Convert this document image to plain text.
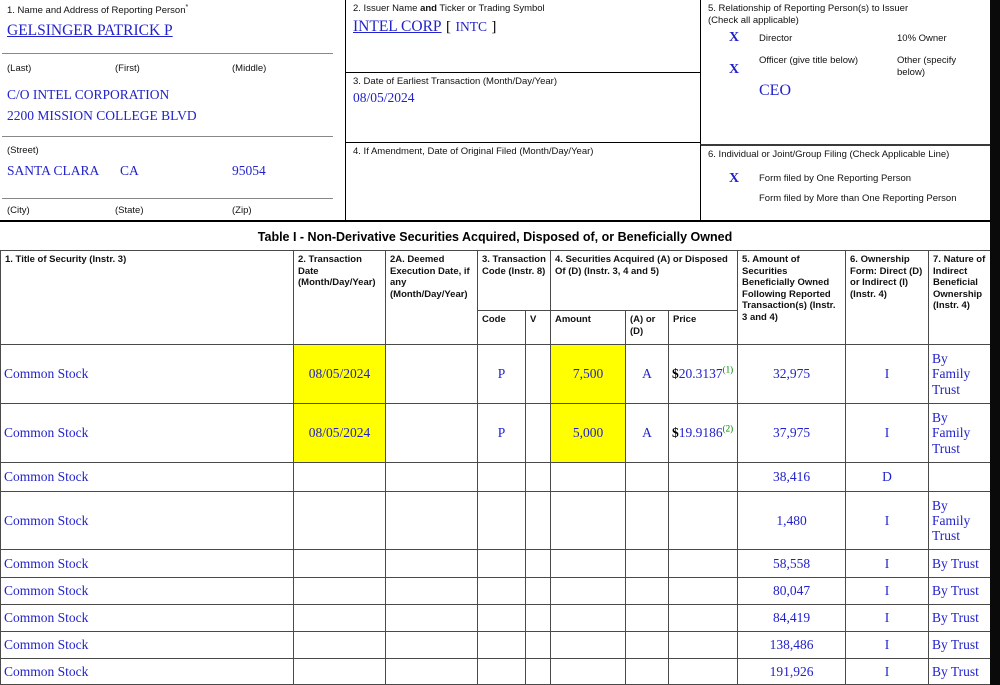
1. Name and Address of Reporting Person*
GELSINGER PATRICK P
(Last)	(First)	(Middle)
C/O INTEL CORPORATION
2200 MISSION COLLEGE BLVD
(Street)
SANTA CLARA CA	95054
(City)	(State)	(Zip)
2. Issuer Name and Ticker or Trading Symbol
INTEL CORP [ INTC ]
3. Date of Earliest Transaction (Month/Day/Year)
08/05/2024
4. If Amendment, Date of Original Filed (Month/Day/Year)
5. Relationship of Reporting Person(s) to Issuer
(Check all applicable)
X Director	10% Owner
X
Officer (give title below)	Other (specify below)
CEO
6. Individual or Joint/Group Filing (Check Applicable Line)
X Form filed by One Reporting Person
Form filed by More than One Reporting Person
Table I - Non-Derivative Securities Acquired, Disposed of, or Beneficially Owned
1. Title of Security (Instr. 3)	2. Transaction Date (Month/Day/Year)	2A. Deemed Execution Date, if any (Month/Day/Year)	3. Transaction Code (Instr. 8)		4. Securities Acquired (A) or Disposed Of (D) (Instr. 3, 4 and 5)			5. Amount of Securities Beneficially Owned Following Reported Transaction(s) (Instr. 3 and 4)	6. Ownership Form: Direct (D) or Indirect (I) (Instr. 4)	7. Nature of Indirect Beneficial Ownership (Instr. 4)
			Code	V	Amount	(A) or (D)	Price			
Common Stock	08/05/2024		P		7,500	A	$20.3137$^{(1)}$	32,975	I	By Family Trust
Common Stock	08/05/2024		P		5,000	A	$19.9186$^{(2)}$	37,975	I	By Family Trust
Common Stock								38,416	D	
Common Stock								1,480	I	By Family Trust
Common Stock								58,558	I	By Trust
Common Stock								80,047	I	By Trust
Common Stock								84,419	I	By Trust
Common Stock								138,486	I	By Trust
Common Stock								191,926	I	By Trust
